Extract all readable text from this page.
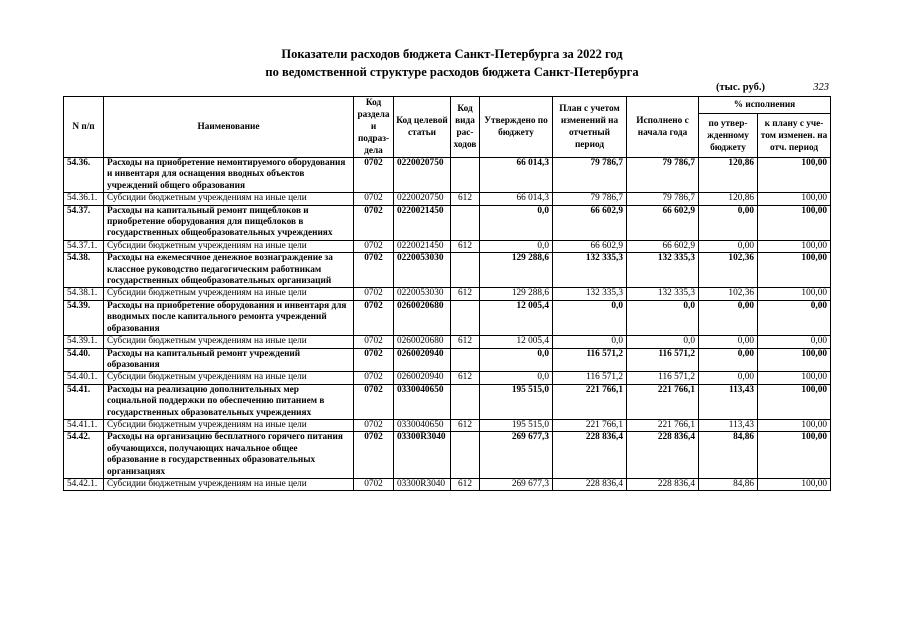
Показатели расходов бюджета Санкт-Петербурга за 2022 год
по ведомственной структуре расходов бюджета Санкт-Петербурга
(тыс. руб.)	323
N п/п	Наименование	Код раздела и подраз- дела	Код целевой статьи	Код вида рас- ходов	Утверждено по бюджету	План с учетом изменений на отчетный период	Исполнено с начала года	% исполнения	
								по утвер- жденному бюджету	к плану с уче- том изменен. на отч. период
54.36.	Расходы на приобретение немонтируемого оборудования и инвентаря для оснащения вводных объектов учреждений общего образования	0702	0220020750		66 014,3	79 786,7	79 786,7	120,86	100,00
54.36.1.	Субсидии бюджетным учреждениям на иные цели	0702	0220020750	612	66 014,3	79 786,7	79 786,7	120,86	100,00
54.37.	Расходы на капитальный ремонт пищеблоков и приобретение оборудования для пищеблоков в государственных общеобразовательных учреждениях	0702	0220021450		0,0	66 602,9	66 602,9	0,00	100,00
54.37.1.	Субсидии бюджетным учреждениям на иные цели	0702	0220021450	612	0,0	66 602,9	66 602,9	0,00	100,00
54.38.	Расходы на ежемесячное денежное вознаграждение за классное руководство педагогическим работникам государственных общеобразовательных организаций	0702	0220053030		129 288,6	132 335,3	132 335,3	102,36	100,00
54.38.1.	Субсидии бюджетным учреждениям на иные цели	0702	0220053030	612	129 288,6	132 335,3	132 335,3	102,36	100,00
54.39.	Расходы на приобретение оборудования и инвентаря для вводимых после капитального ремонта учреждений образования	0702	0260020680		12 005,4	0,0	0,0	0,00	0,00
54.39.1.	Субсидии бюджетным учреждениям на иные цели	0702	0260020680	612	12 005,4	0,0	0,0	0,00	0,00
54.40.	Расходы на капитальный ремонт учреждений образования	0702	0260020940		0,0	116 571,2	116 571,2	0,00	100,00
54.40.1.	Субсидии бюджетным учреждениям на иные цели	0702	0260020940	612	0,0	116 571,2	116 571,2	0,00	100,00
54.41.	Расходы на реализацию дополнительных мер социальной поддержки по обеспечению питанием в государственных образовательных учреждениях	0702	0330040650		195 515,0	221 766,1	221 766,1	113,43	100,00
54.41.1.	Субсидии бюджетным учреждениям на иные цели	0702	0330040650	612	195 515,0	221 766,1	221 766,1	113,43	100,00
54.42.	Расходы на организацию бесплатного горячего питания обучающихся, получающих начальное общее образование в государственных образовательных организациях	0702	03300R3040		269 677,3	228 836,4	228 836,4	84,86	100,00
54.42.1.	Субсидии бюджетным учреждениям на иные цели	0702	03300R3040	612	269 677,3	228 836,4	228 836,4	84,86	100,00
